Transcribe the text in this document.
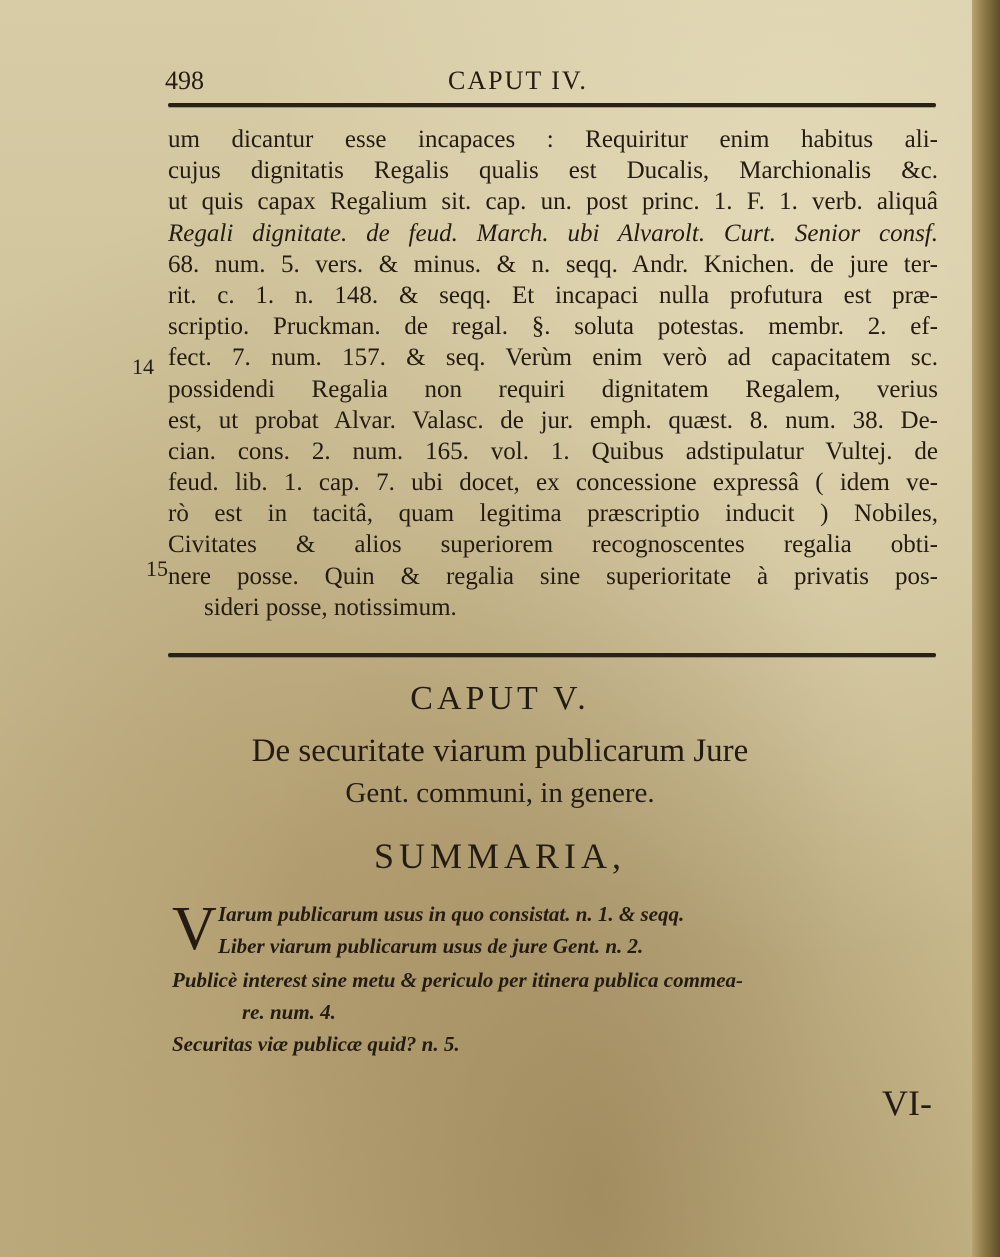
498	CAPUT IV.
um dicantur esse incapaces : Requiritur enim habitus ali-
cujus dignitatis Regalis qualis est Ducalis, Marchionalis &c.
ut quis capax Regalium sit. cap. un. post princ. 1. F. 1. verb. aliquâ
Regali dignitate. de feud. March. ubi Alvarolt. Curt. Senior consf.
68. num. 5. vers. & minus. & n. seqq. Andr. Knichen. de jure ter-
rit. c. 1. n. 148. & seqq. Et incapaci nulla profutura est præ-
scriptio. Pruckman. de regal. §. soluta potestas. membr. 2. ef-
fect. 7. num. 157. & seq. Verùm enim verò ad capacitatem sc.
possidendi Regalia non requiri dignitatem Regalem, verius
est, ut probat Alvar. Valasc. de jur. emph. quæst. 8. num. 38. De-
cian. cons. 2. num. 165. vol. 1. Quibus adstipulatur Vultej. de
feud. lib. 1. cap. 7. ubi docet, ex concessione expressâ ( idem ve-
rò est in tacitâ, quam legitima præscriptio inducit ) Nobiles,
Civitates & alios superiorem recognoscentes regalia obti-
nere posse. Quin & regalia sine superioritate à privatis pos-
sideri posse, notissimum.
14
15
CAPUT V.
De securitate viarum publicarum Jure
Gent. communi, in genere.
SUMMARIA,
V Iarum publicarum usus in quo consistat. n. 1. & seqq.
Liber viarum publicarum usus de jure Gent. n. 2.
Publicè interest sine metu & periculo per itinera publica commea-
re. num. 4.
Securitas viæ publicæ quid? n. 5.
VI-
